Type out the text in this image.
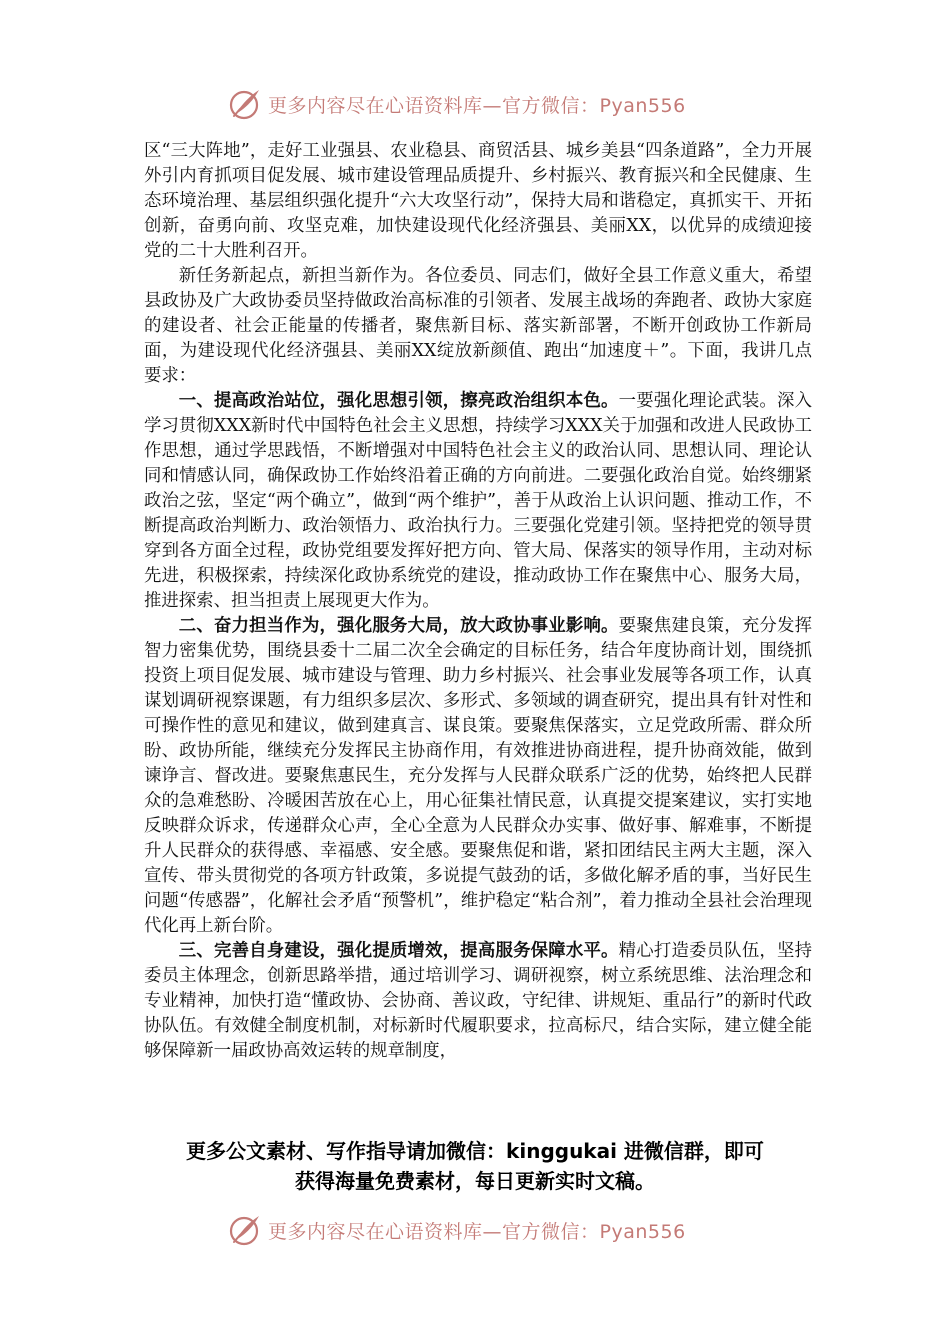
更多内容尽在心语资料库—官方微信：Pyan556

区“三大阵地”，走好工业强县、农业稳县、商贸活县、城乡美县“四条道路”，全力开展外引内育抓项目促发展、城市建设管理品质提升、乡村振兴、教育振兴和全民健康、生态环境治理、基层组织强化提升“六大攻坚行动”，保持大局和谐稳定，真抓实干、开拓创新，奋勇向前、攻坚克难，加快建设现代化经济强县、美丽XX，以优异的成绩迎接党的二十大胜利召开。

新任务新起点，新担当新作为。各位委员、同志们，做好全县工作意义重大，希望县政协及广大政协委员坚持做政治高标准的引领者、发展主战场的奔跑者、政协大家庭的建设者、社会正能量的传播者，聚焦新目标、落实新部署，不断开创政协工作新局面，为建设现代化经济强县、美丽XX绽放新颜值、跑出“加速度＋”。下面，我讲几点要求：

一、提高政治站位，强化思想引领，擦亮政治组织本色。一要强化理论武装。深入学习贯彻XXX新时代中国特色社会主义思想，持续学习XXX关于加强和改进人民政协工作思想，通过学思践悟，不断增强对中国特色社会主义的政治认同、思想认同、理论认同和情感认同，确保政协工作始终沿着正确的方向前进。二要强化政治自觉。始终绷紧政治之弦，坚定“两个确立”，做到“两个维护”，善于从政治上认识问题、推动工作，不断提高政治判断力、政治领悟力、政治执行力。三要强化党建引领。坚持把党的领导贯穿到各方面全过程，政协党组要发挥好把方向、管大局、保落实的领导作用，主动对标先进，积极探索，持续深化政协系统党的建设，推动政协工作在聚焦中心、服务大局，推进探索、担当担责上展现更大作为。

二、奋力担当作为，强化服务大局，放大政协事业影响。要聚焦建良策，充分发挥智力密集优势，围绕县委十二届二次全会确定的目标任务，结合年度协商计划，围绕抓投资上项目促发展、城市建设与管理、助力乡村振兴、社会事业发展等各项工作，认真谋划调研视察课题，有力组织多层次、多形式、多领域的调查研究，提出具有针对性和可操作性的意见和建议，做到建真言、谋良策。要聚焦保落实，立足党政所需、群众所盼、政协所能，继续充分发挥民主协商作用，有效推进协商进程，提升协商效能，做到谏诤言、督改进。要聚焦惠民生，充分发挥与人民群众联系广泛的优势，始终把人民群众的急难愁盼、冷暖困苦放在心上，用心征集社情民意，认真提交提案建议，实打实地反映群众诉求，传递群众心声，全心全意为人民群众办实事、做好事、解难事，不断提升人民群众的获得感、幸福感、安全感。要聚焦促和谐，紧扣团结民主两大主题，深入宣传、带头贯彻党的各项方针政策，多说提气鼓劲的话，多做化解矛盾的事，当好民生问题“传感器”，化解社会矛盾“预警机”，维护稳定“粘合剂”，着力推动全县社会治理现代化再上新台阶。

三、完善自身建设，强化提质增效，提高服务保障水平。精心打造委员队伍，坚持委员主体理念，创新思路举措，通过培训学习、调研视察，树立系统思维、法治理念和专业精神，加快打造“懂政协、会协商、善议政，守纪律、讲规矩、重品行”的新时代政协队伍。有效健全制度机制，对标新时代履职要求，拉高标尺，结合实际，建立健全能够保障新一届政协高效运转的规章制度，

更多公文素材、写作指导请加微信：kinggukai 进微信群，即可
获得海量免费素材，每日更新实时文稿。
更多内容尽在心语资料库—官方微信：Pyan556
